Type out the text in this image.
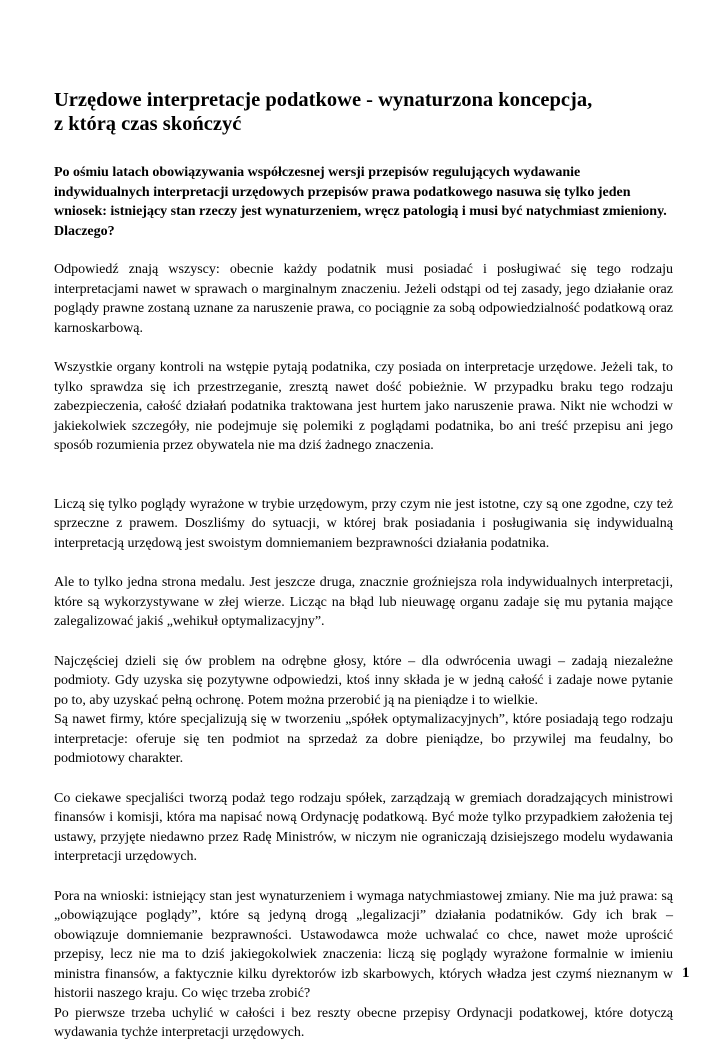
Urzędowe interpretacje podatkowe - wynaturzona koncepcja,
z którą czas skończyć

Po ośmiu latach obowiązywania współczesnej wersji przepisów regulujących wydawanie indywidualnych interpretacji urzędowych przepisów prawa podatkowego nasuwa się tylko jeden wniosek: istniejący stan rzeczy jest wynaturzeniem, wręcz patologią i musi być natychmiast zmieniony. Dlaczego?

Odpowiedź znają wszyscy: obecnie każdy podatnik musi posiadać i posługiwać się tego rodzaju interpretacjami nawet w sprawach o marginalnym znaczeniu. Jeżeli odstąpi od tej zasady, jego działanie oraz poglądy prawne zostaną uznane za naruszenie prawa, co pociągnie za sobą odpowiedzialność podatkową oraz karnoskarbową.

Wszystkie organy kontroli na wstępie pytają podatnika, czy posiada on interpretacje urzędowe. Jeżeli tak, to tylko sprawdza się ich przestrzeganie, zresztą nawet dość pobieżnie. W przypadku braku tego rodzaju zabezpieczenia, całość działań podatnika traktowana jest hurtem jako naruszenie prawa. Nikt nie wchodzi w jakiekolwiek szczegóły, nie podejmuje się polemiki z poglądami podatnika, bo ani treść przepisu ani jego sposób rozumienia przez obywatela nie ma dziś żadnego znaczenia.

Liczą się tylko poglądy wyrażone w trybie urzędowym, przy czym nie jest istotne, czy są one zgodne, czy też sprzeczne z prawem. Doszliśmy do sytuacji, w której brak posiadania i posługiwania się indywidualną interpretacją urzędową jest swoistym domniemaniem bezprawności działania podatnika.

Ale to tylko jedna strona medalu. Jest jeszcze druga, znacznie groźniejsza rola indywidualnych interpretacji, które są wykorzystywane w złej wierze. Licząc na błąd lub nieuwagę organu zadaje się mu pytania mające zalegalizować jakiś „wehikuł optymalizacyjny”.

Najczęściej dzieli się ów problem na odrębne głosy, które – dla odwrócenia uwagi – zadają niezależne podmioty. Gdy uzyska się pozytywne odpowiedzi, ktoś inny składa je w jedną całość i zadaje nowe pytanie po to, aby uzyskać pełną ochronę. Potem można przerobić ją na pieniądze i to wielkie.

Są nawet firmy, które specjalizują się w tworzeniu „spółek optymalizacyjnych”, które posiadają tego rodzaju interpretacje: oferuje się ten podmiot na sprzedaż za dobre pieniądze, bo przywilej ma feudalny, bo podmiotowy charakter.

Co ciekawe specjaliści tworzą podaż tego rodzaju spółek, zarządzają w gremiach doradzających ministrowi finansów i komisji, która ma napisać nową Ordynację podatkową. Być może tylko przypadkiem założenia tej ustawy, przyjęte niedawno przez Radę Ministrów, w niczym nie ograniczają dzisiejszego modelu wydawania interpretacji urzędowych.

Pora na wnioski: istniejący stan jest wynaturzeniem i wymaga natychmiastowej zmiany. Nie ma już prawa: są „obowiązujące poglądy”, które są jedyną drogą „legalizacji” działania podatników. Gdy ich brak – obowiązuje domniemanie bezprawności. Ustawodawca może uchwalać co chce, nawet może uprościć przepisy, lecz nie ma to dziś jakiegokolwiek znaczenia: liczą się poglądy wyrażone formalnie w imieniu ministra finansów, a faktycznie kilku dyrektorów izb skarbowych, których władza jest czymś nieznanym w historii naszego kraju. Co więc trzeba zrobić?

Po pierwsze trzeba uchylić w całości i bez reszty obecne przepisy Ordynacji podatkowej, które dotyczą wydawania tychże interpretacji urzędowych.

1
